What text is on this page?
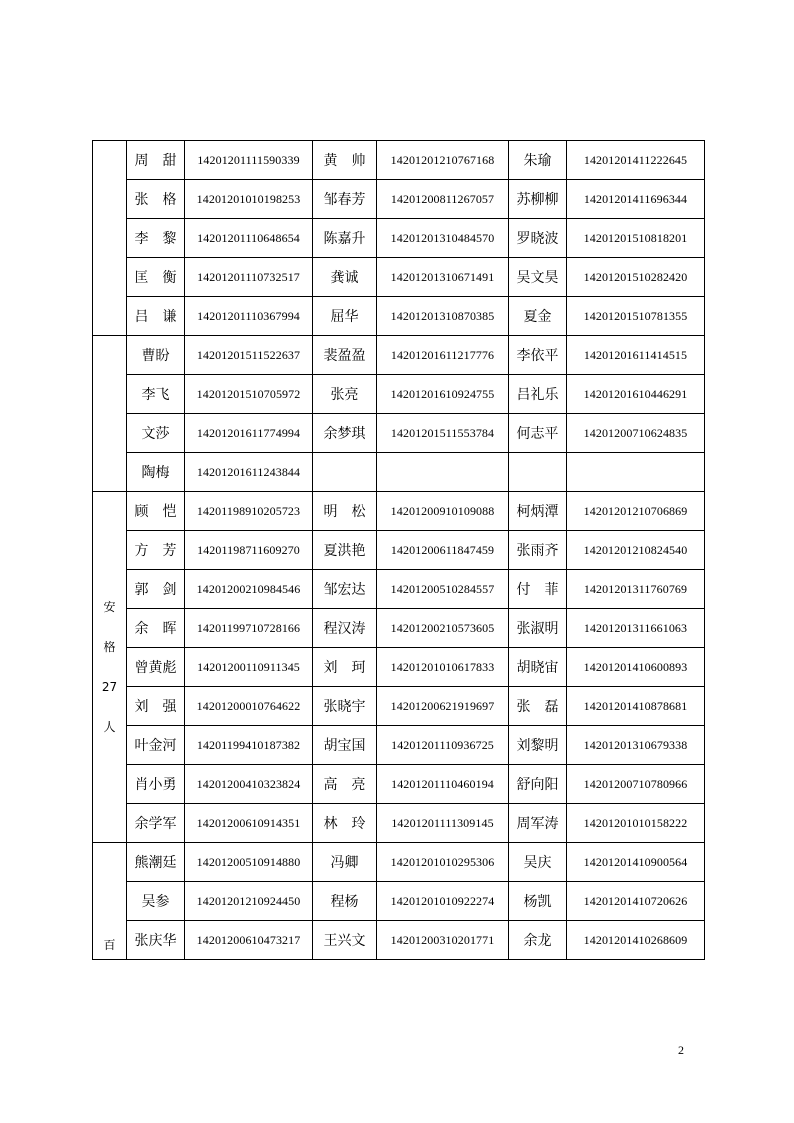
	周　甜	14201201111590339	黄　帅	14201201210767168	朱瑜	14201201411222645
	张　格	14201201010198253	邹春芳	14201200811267057	苏柳柳	14201201411696344
	李　黎	14201201110648654	陈嘉升	14201201310484570	罗晓波	14201201510818201
	匡　衡	14201201110732517	龚诚	14201201310671491	吴文昊	14201201510282420
	吕　谦	14201201110367994	屈华	14201201310870385	夏金	14201201510781355

	曹盼	14201201511522637	裴盈盈	14201201611217776	李依平	14201201611414515
	李飞	14201201510705972	张亮	14201201610924755	吕礼乐	14201201610446291
	文莎	14201201611774994	余梦琪	14201201511553784	何志平	14201200710624835
	陶梅	14201201611243844				

安
格
27
人	顾　恺	14201198910205723	明　松	14201200910109088	柯炳潭	14201201210706869
	方　芳	14201198711609270	夏洪艳	14201200611847459	张雨齐	14201201210824540
	郭　剑	14201200210984546	邹宏达	14201200510284557	付　菲	14201201311760769
	余　晖	14201199710728166	程汉涛	14201200210573605	张淑明	14201201311661063
	曾黄彪	14201200110911345	刘　珂	14201201010617833	胡晓宙	14201201410600893
	刘　强	14201200010764622	张晓宇	14201200621919697	张　磊	14201201410878681
	叶金河	14201199410187382	胡宝国	14201201110936725	刘黎明	14201201310679338
	肖小勇	14201200410323824	高　亮	14201201110460194	舒向阳	14201200710780966
	余学军	14201200610914351	林　玲	14201201111309145	周军涛	14201201010158222

百	熊潮廷	14201200510914880	冯卿	14201201010295306	吴庆	14201201410900564
	吴参	14201201210924450	程杨	14201201010922274	杨凯	14201201410720626
	张庆华	14201200610473217	王兴文	14201200310201771	余龙	14201201410268609
2
